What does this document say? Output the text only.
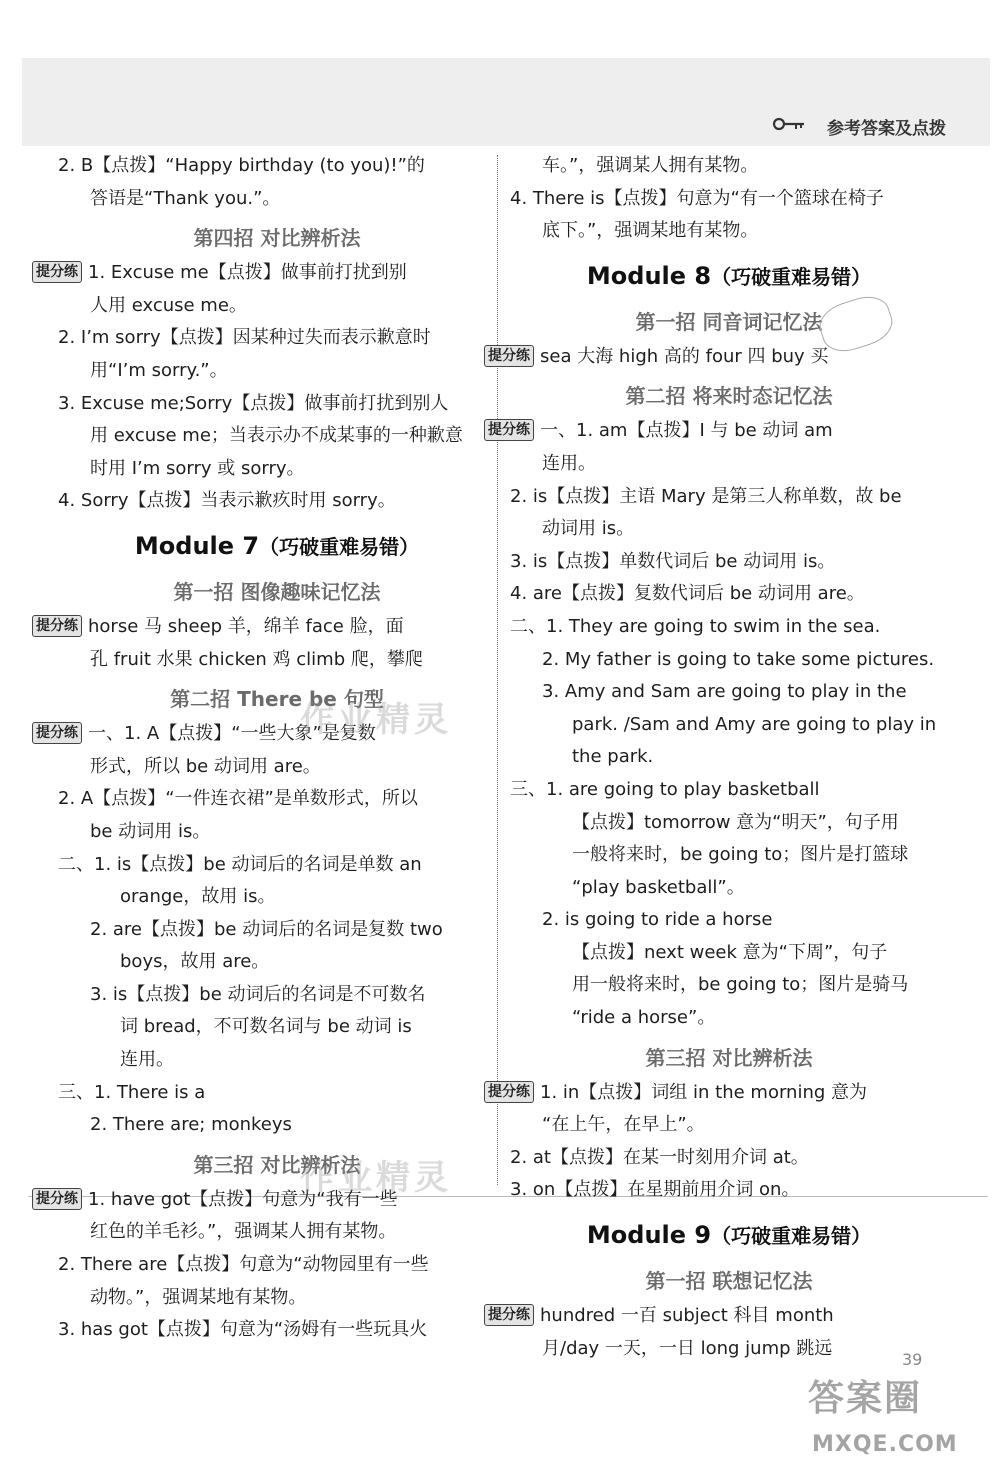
参考答案及点拨
2. B【点拨】“Happy birthday (to you)!”的
答语是“Thank you.”。
第四招 对比辨析法
提分练 1. Excuse me【点拨】做事前打扰到别
人用 excuse me。
2. I’m sorry【点拨】因某种过失而表示歉意时
用“I’m sorry.”。
3. Excuse me;Sorry【点拨】做事前打扰到别人
用 excuse me；当表示办不成某事的一种歉意
时用 I’m sorry 或 sorry。
4. Sorry【点拨】当表示歉疚时用 sorry。
Module 7（巧破重难易错）
第一招 图像趣味记忆法
提分练 horse 马 sheep 羊，绵羊 face 脸，面
孔 fruit 水果 chicken 鸡 climb 爬，攀爬
第二招 There be 句型
提分练 一、1. A【点拨】“一些大象”是复数
形式，所以 be 动词用 are。
2. A【点拨】“一件连衣裙”是单数形式，所以
be 动词用 is。
二、1. is【点拨】be 动词后的名词是单数 an
orange，故用 is。
2. are【点拨】be 动词后的名词是复数 two
boys，故用 are。
3. is【点拨】be 动词后的名词是不可数名
词 bread，不可数名词与 be 动词 is
连用。
三、1. There is a
2. There are; monkeys
第三招 对比辨析法
提分练 1. have got【点拨】句意为“我有一些
红色的羊毛衫。”，强调某人拥有某物。
2. There are【点拨】句意为“动物园里有一些
动物。”，强调某地有某物。
3. has got【点拨】句意为“汤姆有一些玩具火
车。”，强调某人拥有某物。
4. There is【点拨】句意为“有一个篮球在椅子
底下。”，强调某地有某物。
Module 8（巧破重难易错）
第一招 同音词记忆法
提分练 sea 大海 high 高的 four 四 buy 买
第二招 将来时态记忆法
提分练 一、1. am【点拨】I 与 be 动词 am
连用。
2. is【点拨】主语 Mary 是第三人称单数，故 be
动词用 is。
3. is【点拨】单数代词后 be 动词用 is。
4. are【点拨】复数代词后 be 动词用 are。
二、1. They are going to swim in the sea.
2. My father is going to take some pictures.
3. Amy and Sam are going to play in the
park. /Sam and Amy are going to play in
the park.
三、1. are going to play basketball
【点拨】tomorrow 意为“明天”，句子用
一般将来时，be going to；图片是打篮球
“play basketball”。
2. is going to ride a horse
【点拨】next week 意为“下周”，句子
用一般将来时，be going to；图片是骑马
“ride a horse”。
第三招 对比辨析法
提分练 1. in【点拨】词组 in the morning 意为
“在上午，在早上”。
2. at【点拨】在某一时刻用介词 at。
3. on【点拨】在星期前用介词 on。
Module 9（巧破重难易错）
第一招 联想记忆法
提分练 hundred 一百 subject 科目 month
月/day 一天，一日 long jump 跳远
作业精灵
作业精灵
39
答案圈
MXQE.COM
